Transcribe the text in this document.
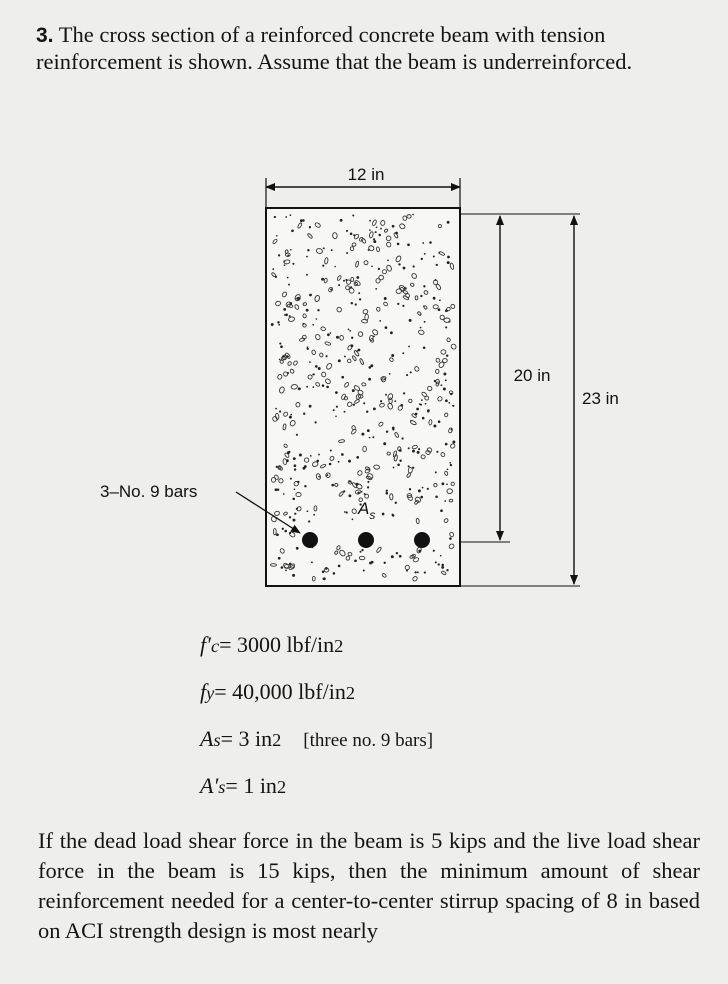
3. The cross section of a reinforced concrete beam with tension reinforcement is shown. Assume that the beam is underreinforced.

12 in
20 in
23 in
$A_s$
3–No. 9 bars
f′ c = 3000 lbf/in 2
f y = 40,000 lbf/in 2
A s = 3 in 2 [three no. 9 bars]
A′ s = 1 in 2

If the dead load shear force in the beam is 5 kips and the live load shear force in the beam is 15 kips, then the minimum amount of shear reinforcement needed for a center-to-center stirrup spacing of 8 in based on ACI strength design is most nearly
